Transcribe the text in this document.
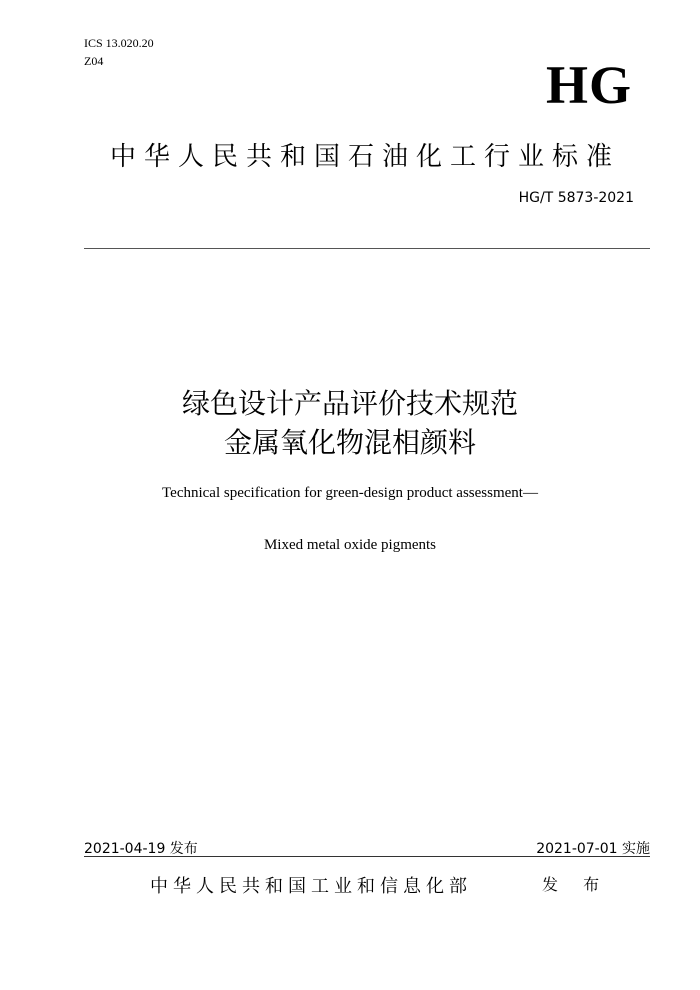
ICS 13.020.20
Z04	HG
中华人民共和国石油化工行业标准
HG/T 5873-2021
绿色设计产品评价技术规范
金属氧化物混相颜料
Technical specification for green-design product assessment—
Mixed metal oxide pigments
2021-04-19 发布	2021-07-01 实施
中华人民共和国工业和信息化部	发 布
